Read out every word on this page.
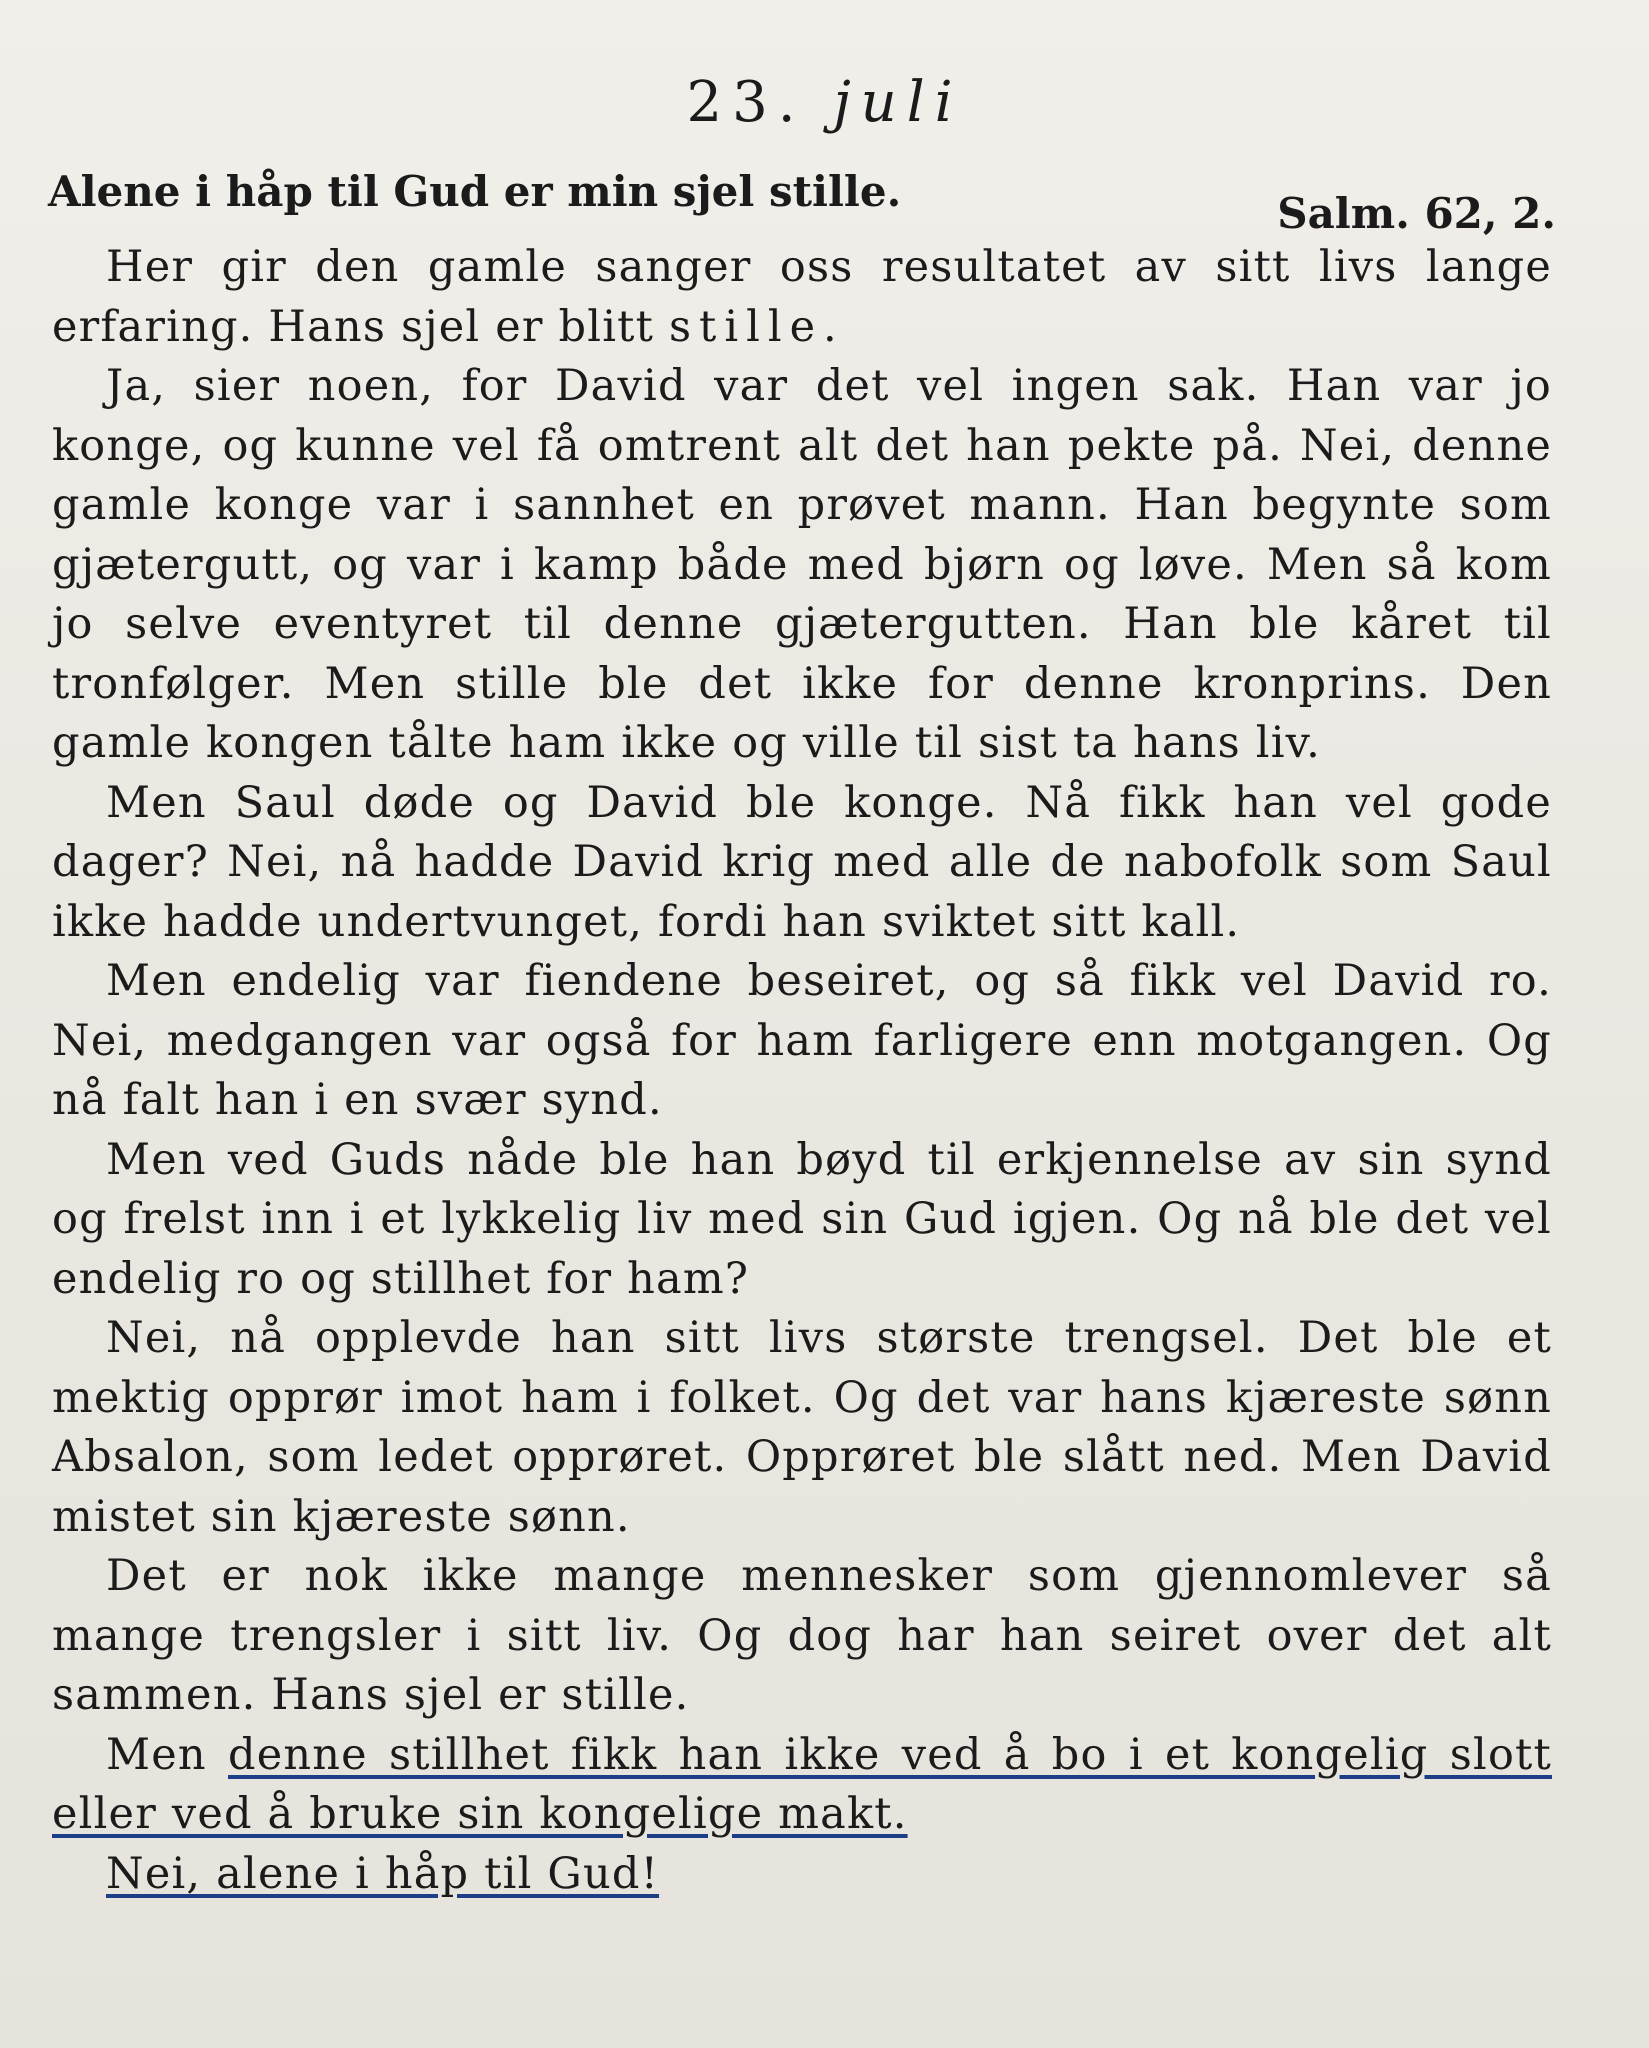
23. juli
Alene i håp til Gud er min sjel stille.	Salm. 62, 2.

Her gir den gamle sanger oss resultatet av sitt livs lange erfaring. Hans sjel er blitt stille.

Ja, sier noen, for David var det vel ingen sak. Han var jo konge, og kunne vel få omtrent alt det han pekte på. Nei, denne gamle konge var i sannhet en prøvet mann. Han begynte som gjætergutt, og var i kamp både med bjørn og løve. Men så kom jo selve eventyret til denne gjætergutten. Han ble kåret til tronfølger. Men stille ble det ikke for denne kronprins. Den gamle kongen tålte ham ikke og ville til sist ta hans liv.

Men Saul døde og David ble konge. Nå fikk han vel gode dager? Nei, nå hadde David krig med alle de nabofolk som Saul ikke hadde undertvunget, fordi han sviktet sitt kall.

Men endelig var fiendene beseiret, og så fikk vel David ro. Nei, medgangen var også for ham farligere enn motgangen. Og nå falt han i en svær synd.

Men ved Guds nåde ble han bøyd til erkjennelse av sin synd og frelst inn i et lykkelig liv med sin Gud igjen. Og nå ble det vel endelig ro og stillhet for ham?

Nei, nå opplevde han sitt livs største trengsel. Det ble et mektig opprør imot ham i folket. Og det var hans kjæreste sønn Absalon, som ledet opprøret. Opprøret ble slått ned. Men David mistet sin kjæreste sønn.

Det er nok ikke mange mennesker som gjennomlever så mange trengsler i sitt liv. Og dog har han seiret over det alt sammen. Hans sjel er stille.

Men denne stillhet fikk han ikke ved å bo i et kongelig slott eller ved å bruke sin kongelige makt.

Nei, alene i håp til Gud!
